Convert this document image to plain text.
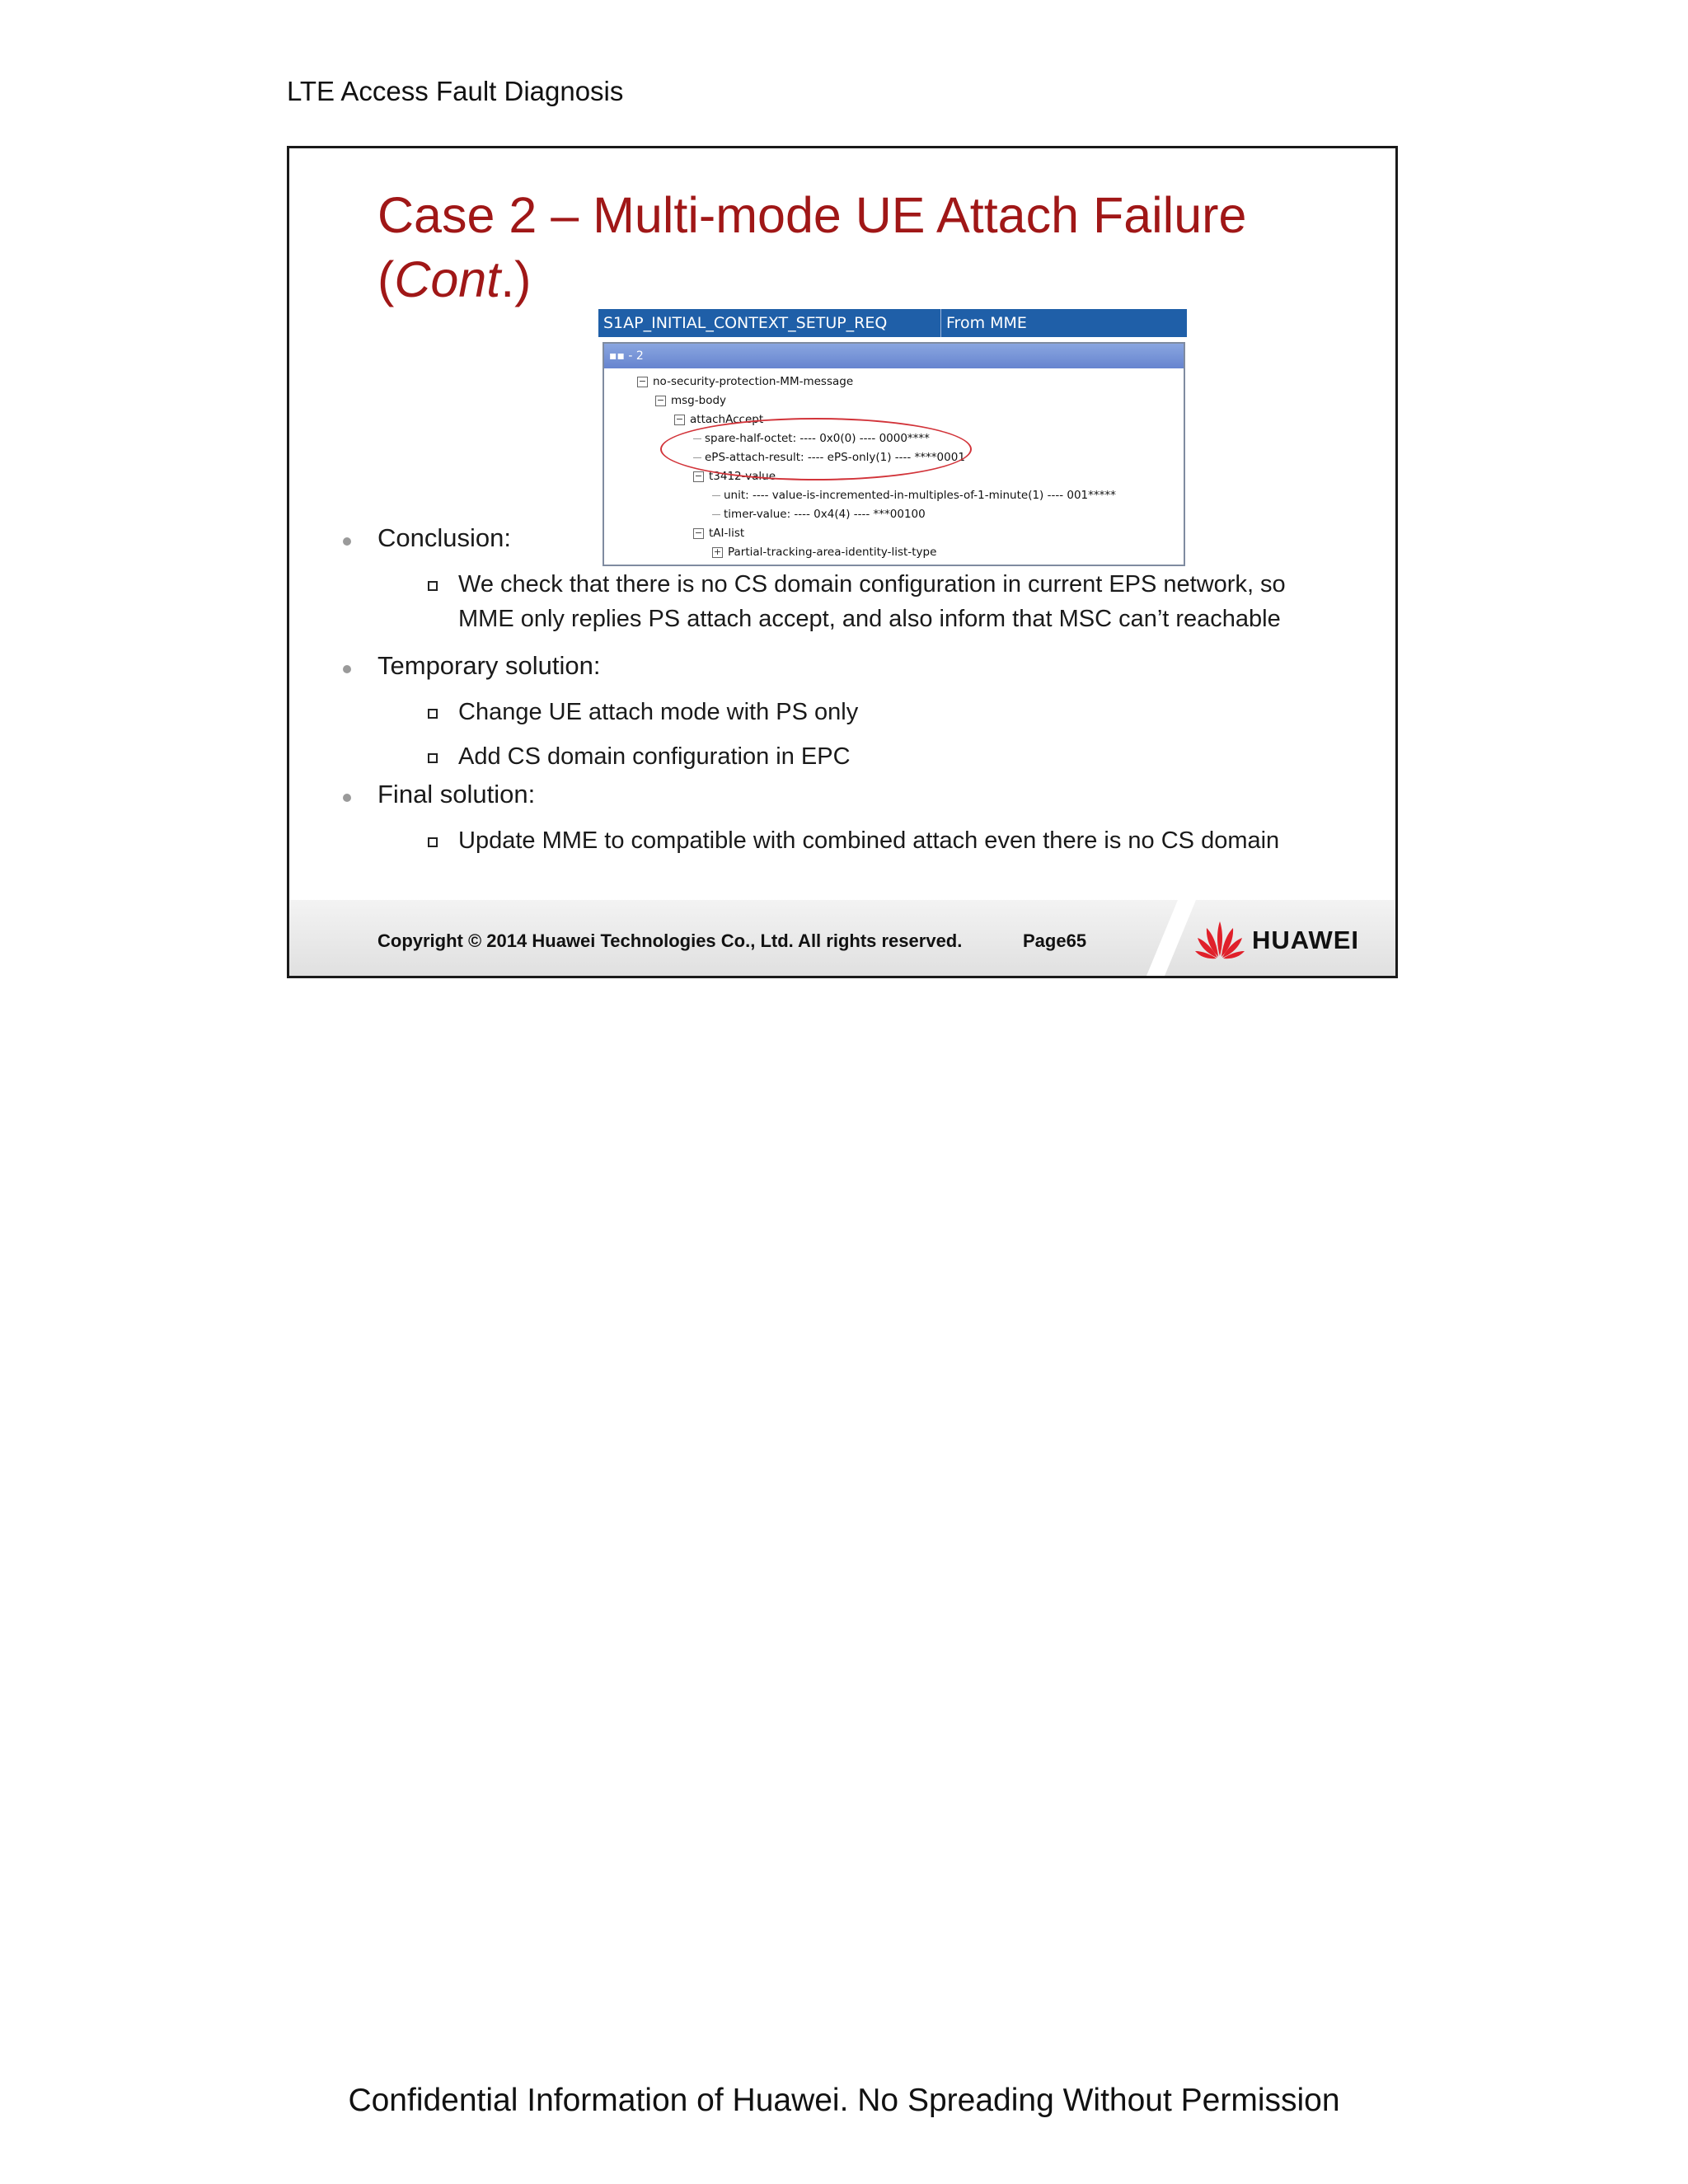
LTE Access Fault Diagnosis
Case 2 – Multi-mode UE Attach Failure
(Cont.)
S1AP_INITIAL_CONTEXT_SETUP_REQ	From MME
▪▪ - 2
− no-security-protection-MM-message
− msg-body
− attachAccept
spare-half-octet: ---- 0x0(0) ---- 0000****
ePS-attach-result: ---- ePS-only(1) ---- ****0001
− t3412-value
unit: ---- value-is-incremented-in-multiples-of-1-minute(1) ---- 001*****
timer-value: ---- 0x4(4) ---- ***00100
− tAI-list
+ Partial-tracking-area-identity-list-type
Conclusion:
We check that there is no CS domain configuration in current EPS network, so MME only replies PS attach accept, and also inform that MSC can’t reachable
Temporary solution:
Change UE attach mode with PS only
Add CS domain configuration in EPC
Final solution:
Update MME to compatible with combined attach even there is no CS domain
Copyright © 2014 Huawei Technologies Co., Ltd. All rights reserved.	Page65	HUAWEI
Confidential Information of Huawei. No Spreading Without Permission
